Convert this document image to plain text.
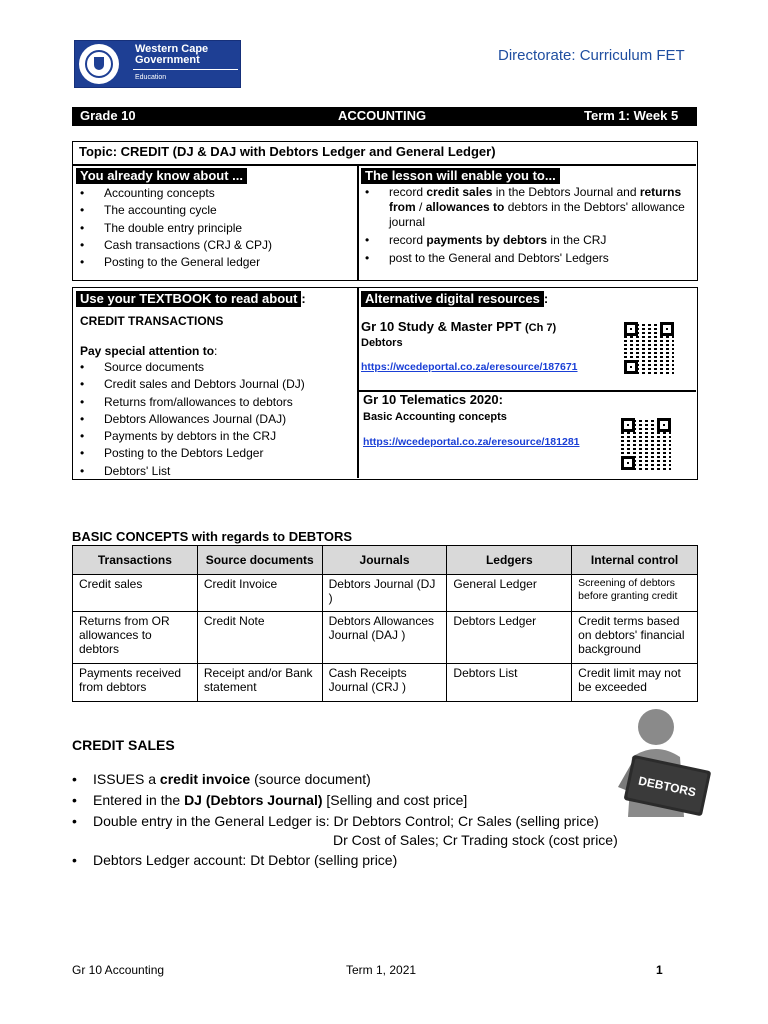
Western Cape
Government
Education
Directorate: Curriculum FET
Grade 10	ACCOUNTING	Term 1: Week 5
Topic: CREDIT (DJ & DAJ with Debtors Ledger and General Ledger)
You already know about ...
• Accounting concepts
• The accounting cycle
• The double entry principle
• Cash transactions (CRJ & CPJ)
• Posting to the General ledger
The lesson will enable you to...
• record credit sales in the Debtors Journal and returns from / allowances to debtors in the Debtors' allowance journal
• record payments by debtors in the CRJ
• post to the General and Debtors' Ledgers
Use your TEXTBOOK to read about :
CREDIT TRANSACTIONS
Pay special attention to:
• Source documents
• Credit sales and Debtors Journal (DJ)
• Returns from/allowances to debtors
• Debtors Allowances Journal (DAJ)
• Payments by debtors in the CRJ
• Posting to the Debtors Ledger
• Debtors' List
Alternative digital resources :
Gr 10 Study & Master PPT (Ch 7)
Debtors
https://wcedeportal.co.za/eresource/187671
Gr 10 Telematics 2020:
Basic Accounting concepts
https://wcedeportal.co.za/eresource/181281
BASIC CONCEPTS with regards to DEBTORS
Transactions	Source documents	Journals	Ledgers	Internal control
Credit sales	Credit Invoice	Debtors Journal (DJ )	General Ledger	Screening of debtors before granting credit
Returns from OR allowances to debtors	Credit Note	Debtors Allowances Journal (DAJ )	Debtors Ledger	Credit terms based on debtors' financial background
Payments received from debtors	Receipt and/or Bank statement	Cash Receipts Journal (CRJ )	Debtors List	Credit limit may not be exceeded
CREDIT SALES
• ISSUES a credit invoice (source document)
• Entered in the DJ (Debtors Journal) [Selling and cost price]
• Double entry in the General Ledger is: Dr Debtors Control; Cr Sales (selling price)
Dr Cost of Sales; Cr Trading stock (cost price)
• Debtors Ledger account: Dt Debtor (selling price)
DEBTORS
Gr 10 Accounting	Term 1, 2021	1
